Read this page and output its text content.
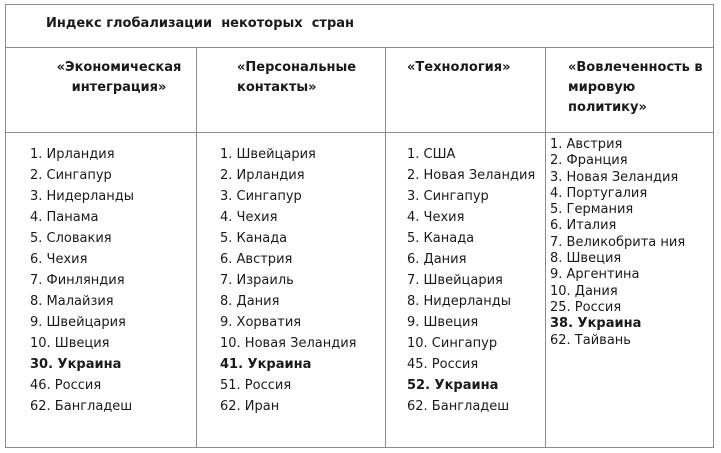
Индекс глобализации  некоторых  стран
«Экономическая интеграция»
1. Ирландия
2. Сингапур
3. Нидерланды
4. Панама
5. Словакия
6. Чехия
7. Финляндия
8. Малайзия
9. Швейцария
10. Швеция
30. Украина
46. Россия
62. Бангладеш
«Персональные контакты»
1. Швейцария
2. Ирландия
3. Сингапур
4. Чехия
5. Канада
6. Австрия
7. Израиль
8. Дания
9. Хорватия
10. Новая Зеландия
41. Украина
51. Россия
62. Иран
«Технология»
1. США
2. Новая Зеландия
3. Сингапур
4. Чехия
5. Канада
6. Дания
7. Швейцария
8. Нидерланды
9. Швеция
10. Сингапур
45. Россия
52. Украина
62. Бангладеш
«Вовлеченность в мировую политику»
1. Австрия
2. Франция
3. Новая Зеландия
4. Португалия
5. Германия
6. Италия
7. Великобрита ния
8. Швеция
9. Аргентина
10. Дания
25. Россия
38. Украина
62. Тайвань
